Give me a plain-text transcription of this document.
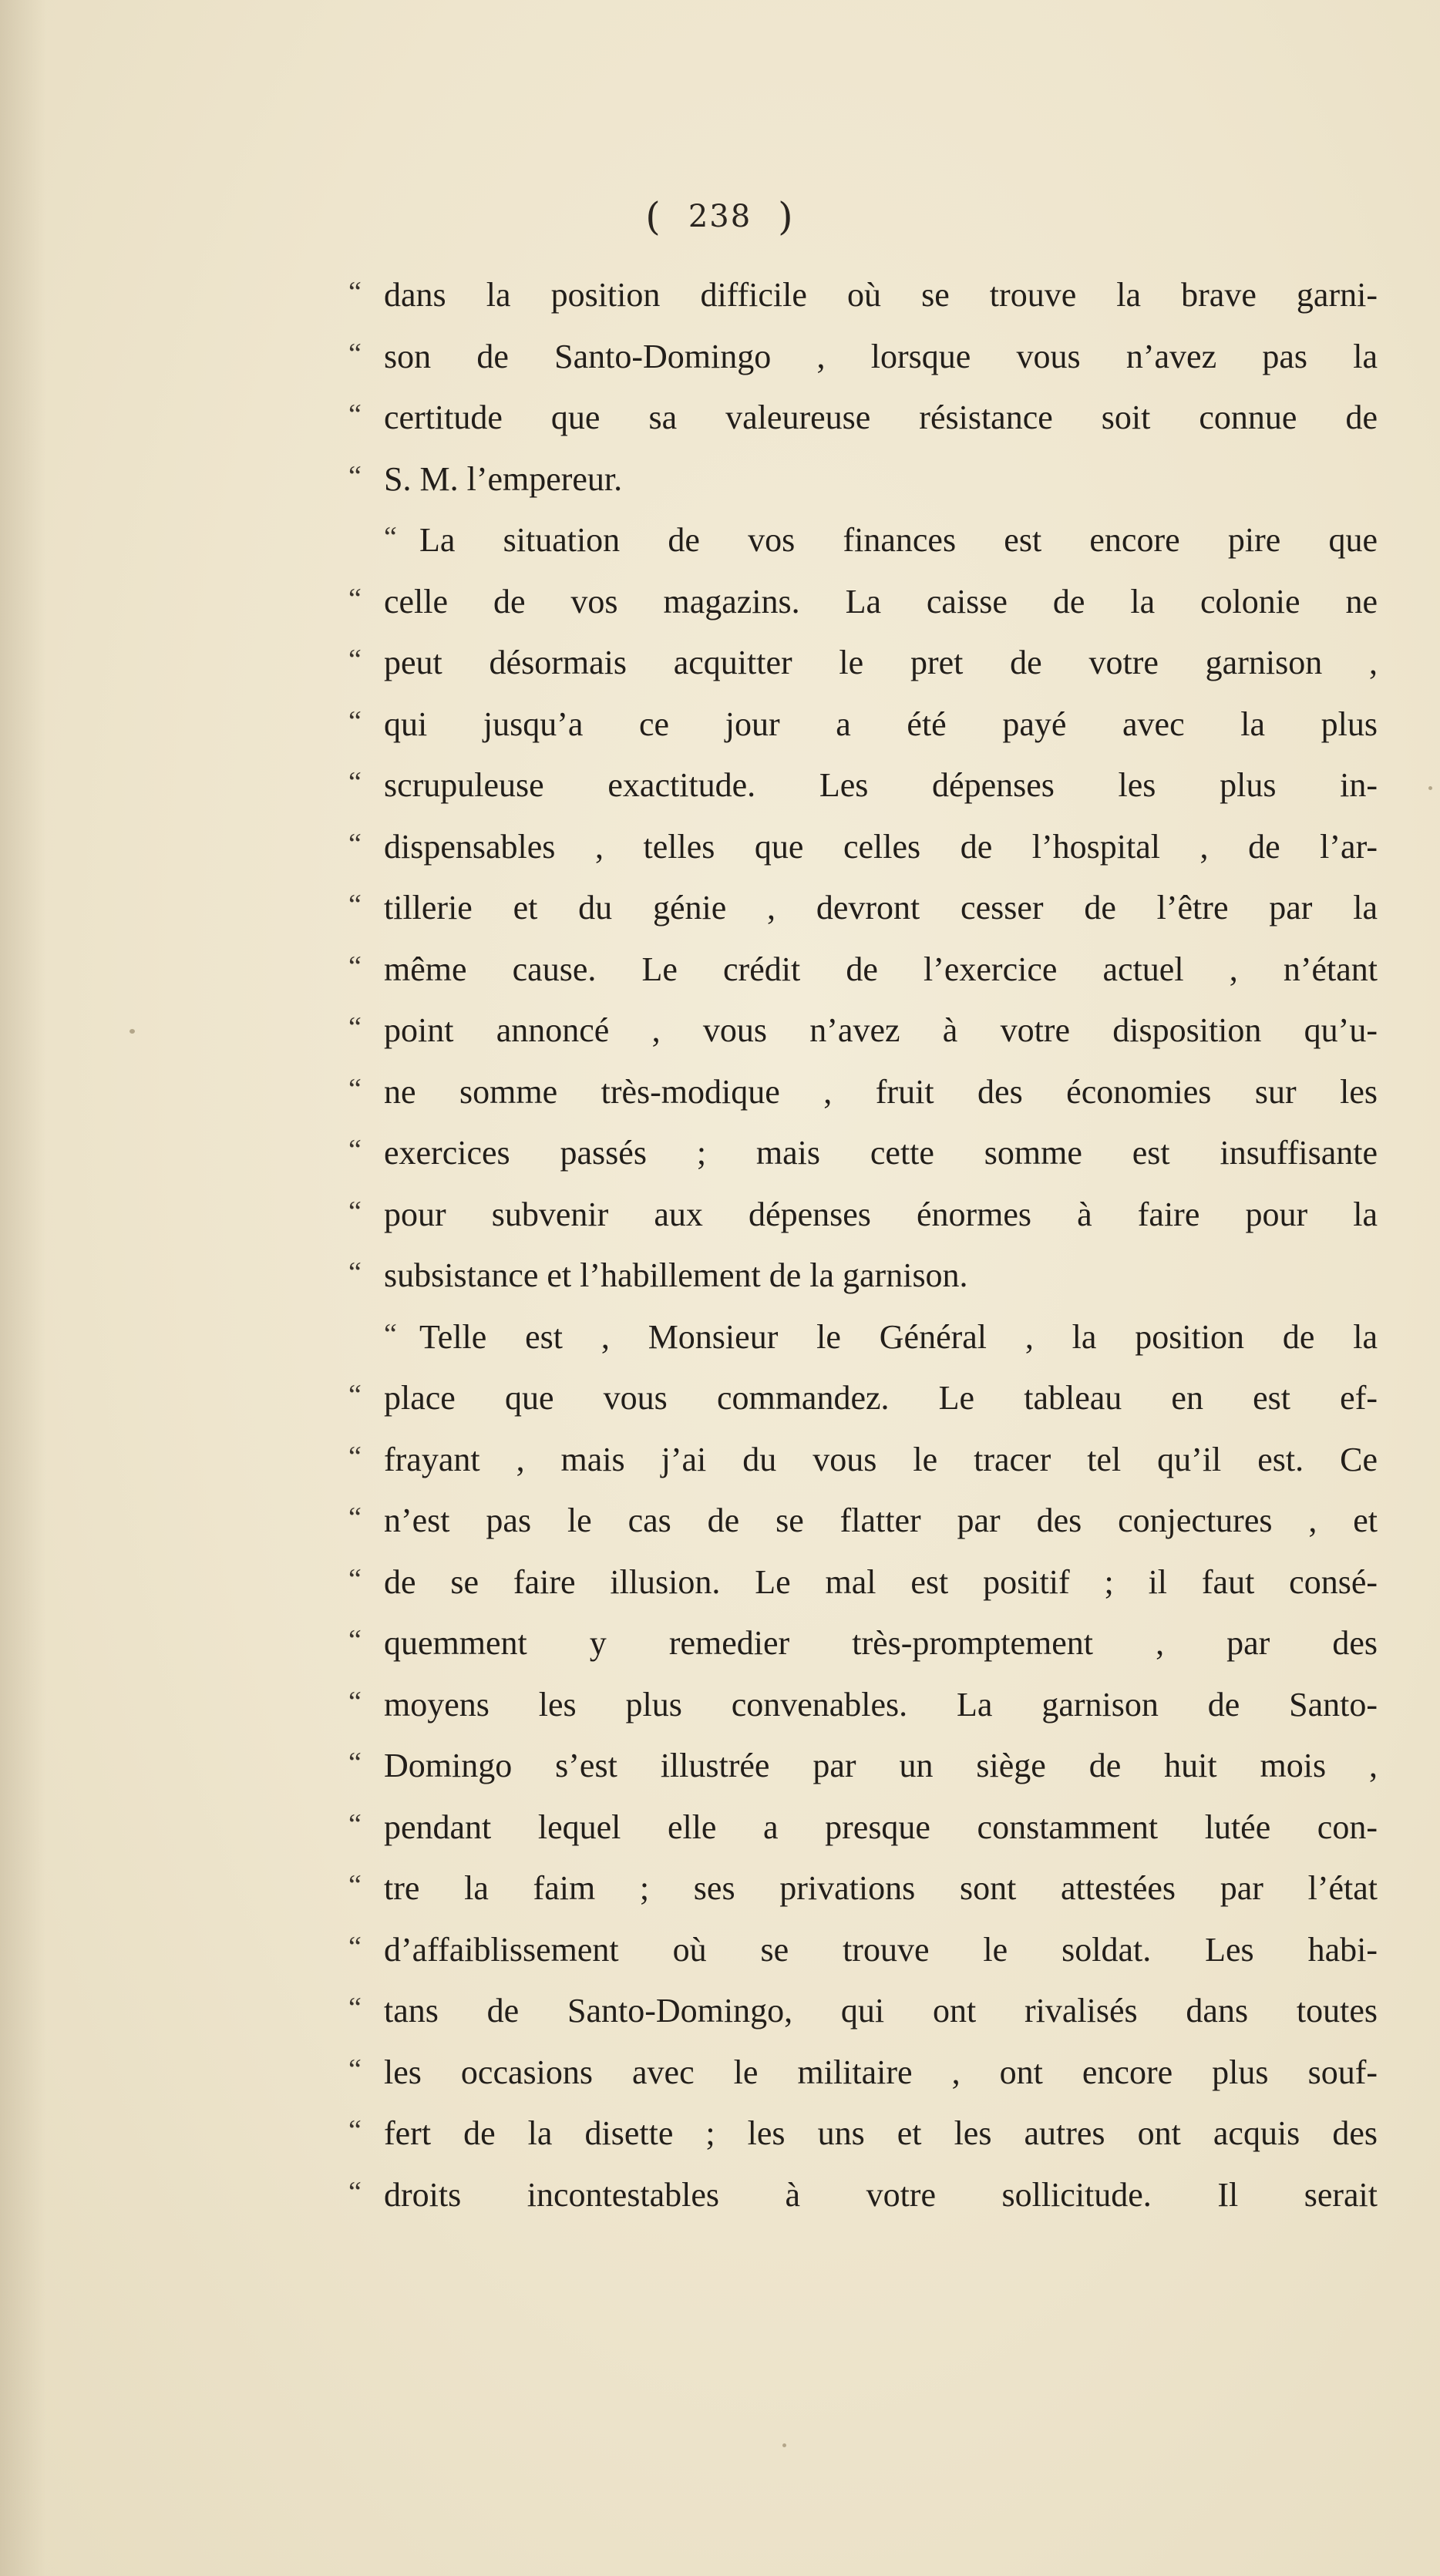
( 238 )
“ dans la position difficile où se trouve la brave garni-
“ son de Santo-Domingo , lorsque vous n’avez pas la
“ certitude que sa valeureuse résistance soit connue de
“ S. M. l’empereur.
“ La situation de vos finances est encore pire que
“ celle de vos magazins. La caisse de la colonie ne
“ peut désormais acquitter le pret de votre garnison ,
“ qui jusqu’a ce jour a été payé avec la plus
“ scrupuleuse exactitude. Les dépenses les plus in-
“ dispensables , telles que celles de l’hospital , de l’ar-
“ tillerie et du génie , devront cesser de l’être par la
“ même cause. Le crédit de l’exercice actuel , n’étant
“ point annoncé , vous n’avez à votre disposition qu’u-
“ ne somme très-modique , fruit des économies sur les
“ exercices passés ; mais cette somme est insuffisante
“ pour subvenir aux dépenses énormes à faire pour la
“ subsistance et l’habillement de la garnison.
“ Telle est , Monsieur le Général , la position de la
“ place que vous commandez. Le tableau en est ef-
“ frayant , mais j’ai du vous le tracer tel qu’il est. Ce
“ n’est pas le cas de se flatter par des conjectures , et
“ de se faire illusion. Le mal est positif ; il faut consé-
“ quemment y remedier très-promptement , par des
“ moyens les plus convenables. La garnison de Santo-
“ Domingo s’est illustrée par un siège de huit mois ,
“ pendant lequel elle a presque constamment lutée con-
“ tre la faim ; ses privations sont attestées par l’état
“ d’affaiblissement où se trouve le soldat. Les habi-
“ tans de Santo-Domingo, qui ont rivalisés dans toutes
“ les occasions avec le militaire , ont encore plus souf-
“ fert de la disette ; les uns et les autres ont acquis des
“ droits incontestables à votre sollicitude. Il serait
